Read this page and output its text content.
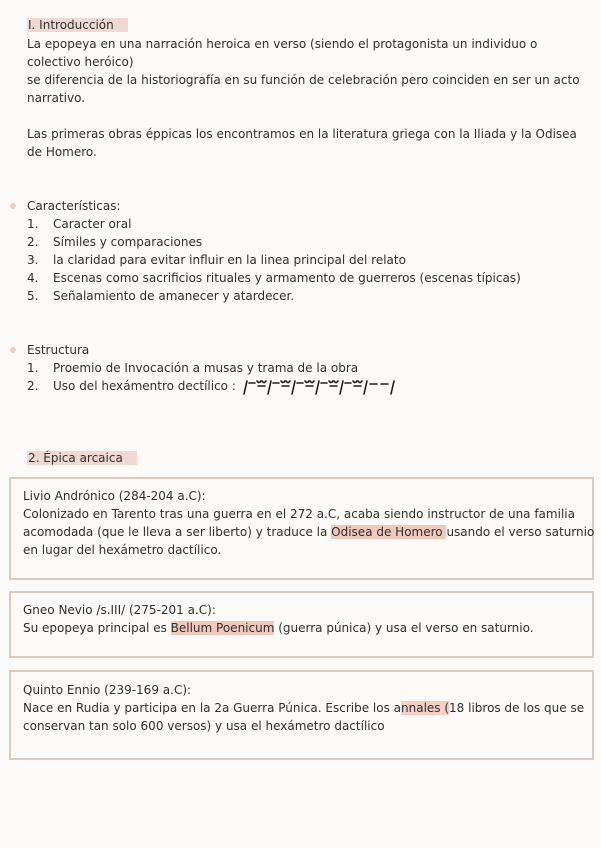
I. Introducción
La epopeya en una narración heroica en verso (siendo el protagonista un individuo o
colectivo heróico)
se diferencia de la historiografía en su función de celebración pero coinciden en ser un acto
narrativo.
Las primeras obras éppicas los encontramos en la literatura griega con la Iliada y la Odisea
de Homero.
Características:
1. Caracter oral
2. Símiles y comparaciones
3. la claridad para evitar influir en la linea principal del relato
4. Escenas como sacrificios rituales y armamento de guerreros (escenas típicas)
5. Señalamiento de amanecer y atardecer.
Estructura
1. Proemio de Invocación a musas y trama de la obra
2. Uso del hexámentro dectílico :
2. Épica arcaica
Livio Andrónico (284-204 a.C):
Colonizado en Tarento tras una guerra en el 272 a.C, acaba siendo instructor de una familia
acomodada (que le lleva a ser liberto) y traduce la Odisea de Homero usando el verso saturnio
en lugar del hexámetro dactílico.
Gneo Nevio /s.III/ (275-201 a.C):
Su epopeya principal es Bellum Poenicum (guerra púnica) y usa el verso en saturnio.
Quinto Ennio (239-169 a.C):
Nace en Rudia y participa en la 2a Guerra Púnica. Escribe los annales (18 libros de los que se
conservan tan solo 600 versos) y usa el hexámetro dactílico
